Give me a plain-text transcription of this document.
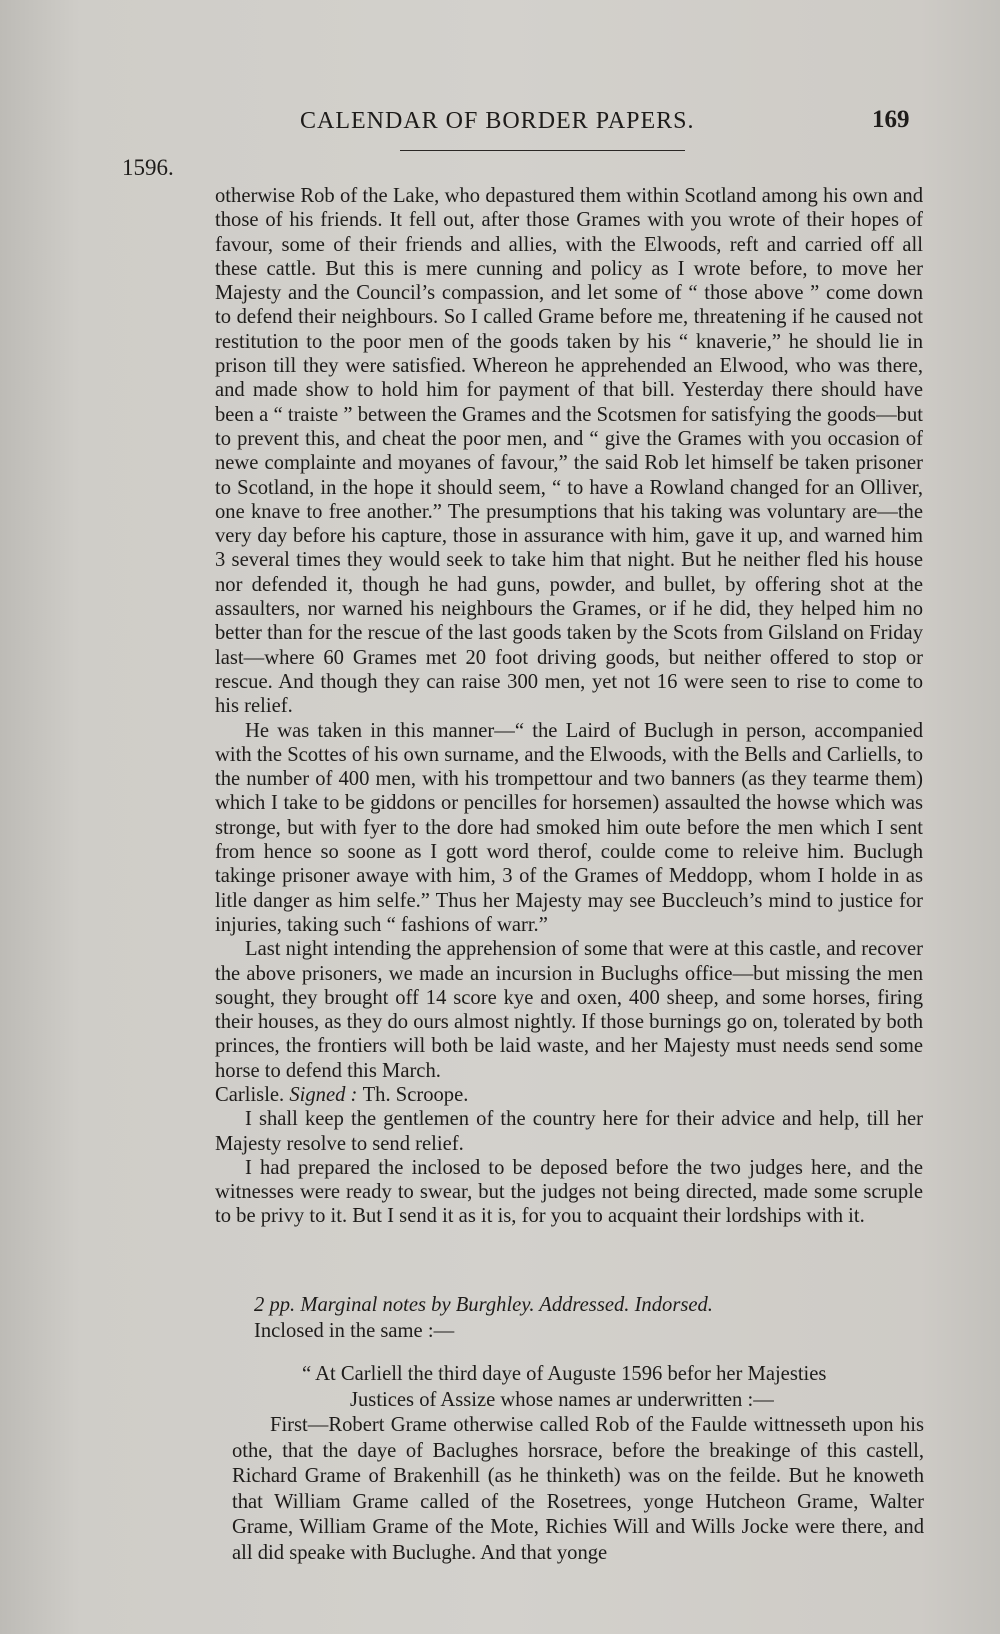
CALENDAR OF BORDER PAPERS.	169
1596.

otherwise Rob of the Lake, who depastured them within Scotland among his own and those of his friends. It fell out, after those Grames with you wrote of their hopes of favour, some of their friends and allies, with the Elwoods, reft and carried off all these cattle. But this is mere cunning and policy as I wrote before, to move her Majesty and the Council’s compassion, and let some of “ those above ” come down to defend their neighbours. So I called Grame before me, threatening if he caused not restitution to the poor men of the goods taken by his “ knaverie,” he should lie in prison till they were satisfied. Whereon he apprehended an Elwood, who was there, and made show to hold him for payment of that bill. Yesterday there should have been a “ traiste ” between the Grames and the Scotsmen for satisfying the goods—but to prevent this, and cheat the poor men, and “ give the Grames with you occasion of newe complainte and moyanes of favour,” the said Rob let himself be taken prisoner to Scotland, in the hope it should seem, “ to have a Rowland changed for an Olliver, one knave to free another.” The presumptions that his taking was voluntary are—the very day before his capture, those in assurance with him, gave it up, and warned him 3 several times they would seek to take him that night. But he neither fled his house nor defended it, though he had guns, powder, and bullet, by offering shot at the assaulters, nor warned his neighbours the Grames, or if he did, they helped him no better than for the rescue of the last goods taken by the Scots from Gilsland on Friday last—where 60 Grames met 20 foot driving goods, but neither offered to stop or rescue. And though they can raise 300 men, yet not 16 were seen to rise to come to his relief.

He was taken in this manner—“ the Laird of Buclugh in person, accompanied with the Scottes of his own surname, and the Elwoods, with the Bells and Carliells, to the number of 400 men, with his trompettour and two banners (as they tearme them) which I take to be giddons or pencilles for horsemen) assaulted the howse which was stronge, but with fyer to the dore had smoked him oute before the men which I sent from hence so soone as I gott word therof, coulde come to releive him. Buclugh takinge prisoner awaye with him, 3 of the Grames of Meddopp, whom I holde in as litle danger as him selfe.” Thus her Majesty may see Buccleuch’s mind to justice for injuries, taking such “ fashions of warr.”

Last night intending the apprehension of some that were at this castle, and recover the above prisoners, we made an incursion in Buclughs office—but missing the men sought, they brought off 14 score kye and oxen, 400 sheep, and some horses, firing their houses, as they do ours almost nightly. If those burnings go on, tolerated by both princes, the frontiers will both be laid waste, and her Majesty must needs send some horse to defend this March.

Carlisle. Signed : Th. Scroope.

I shall keep the gentlemen of the country here for their advice and help, till her Majesty resolve to send relief.

I had prepared the inclosed to be deposed before the two judges here, and the witnesses were ready to swear, but the judges not being directed, made some scruple to be privy to it. But I send it as it is, for you to acquaint their lordships with it.

2 pp. Marginal notes by Burghley. Addressed. Indorsed.

Inclosed in the same :—

“ At Carliell the third daye of Auguste 1596 befor her Majesties

Justices of Assize whose names ar underwritten :—

First—Robert Grame otherwise called Rob of the Faulde wittnesseth upon his othe, that the daye of Baclughes horsrace, before the breakinge of this castell, Richard Grame of Brakenhill (as he thinketh) was on the feilde. But he knoweth that William Grame called of the Rosetrees, yonge Hutcheon Grame, Walter Grame, William Grame of the Mote, Richies Will and Wills Jocke were there, and all did speake with Buclughe. And that yonge
